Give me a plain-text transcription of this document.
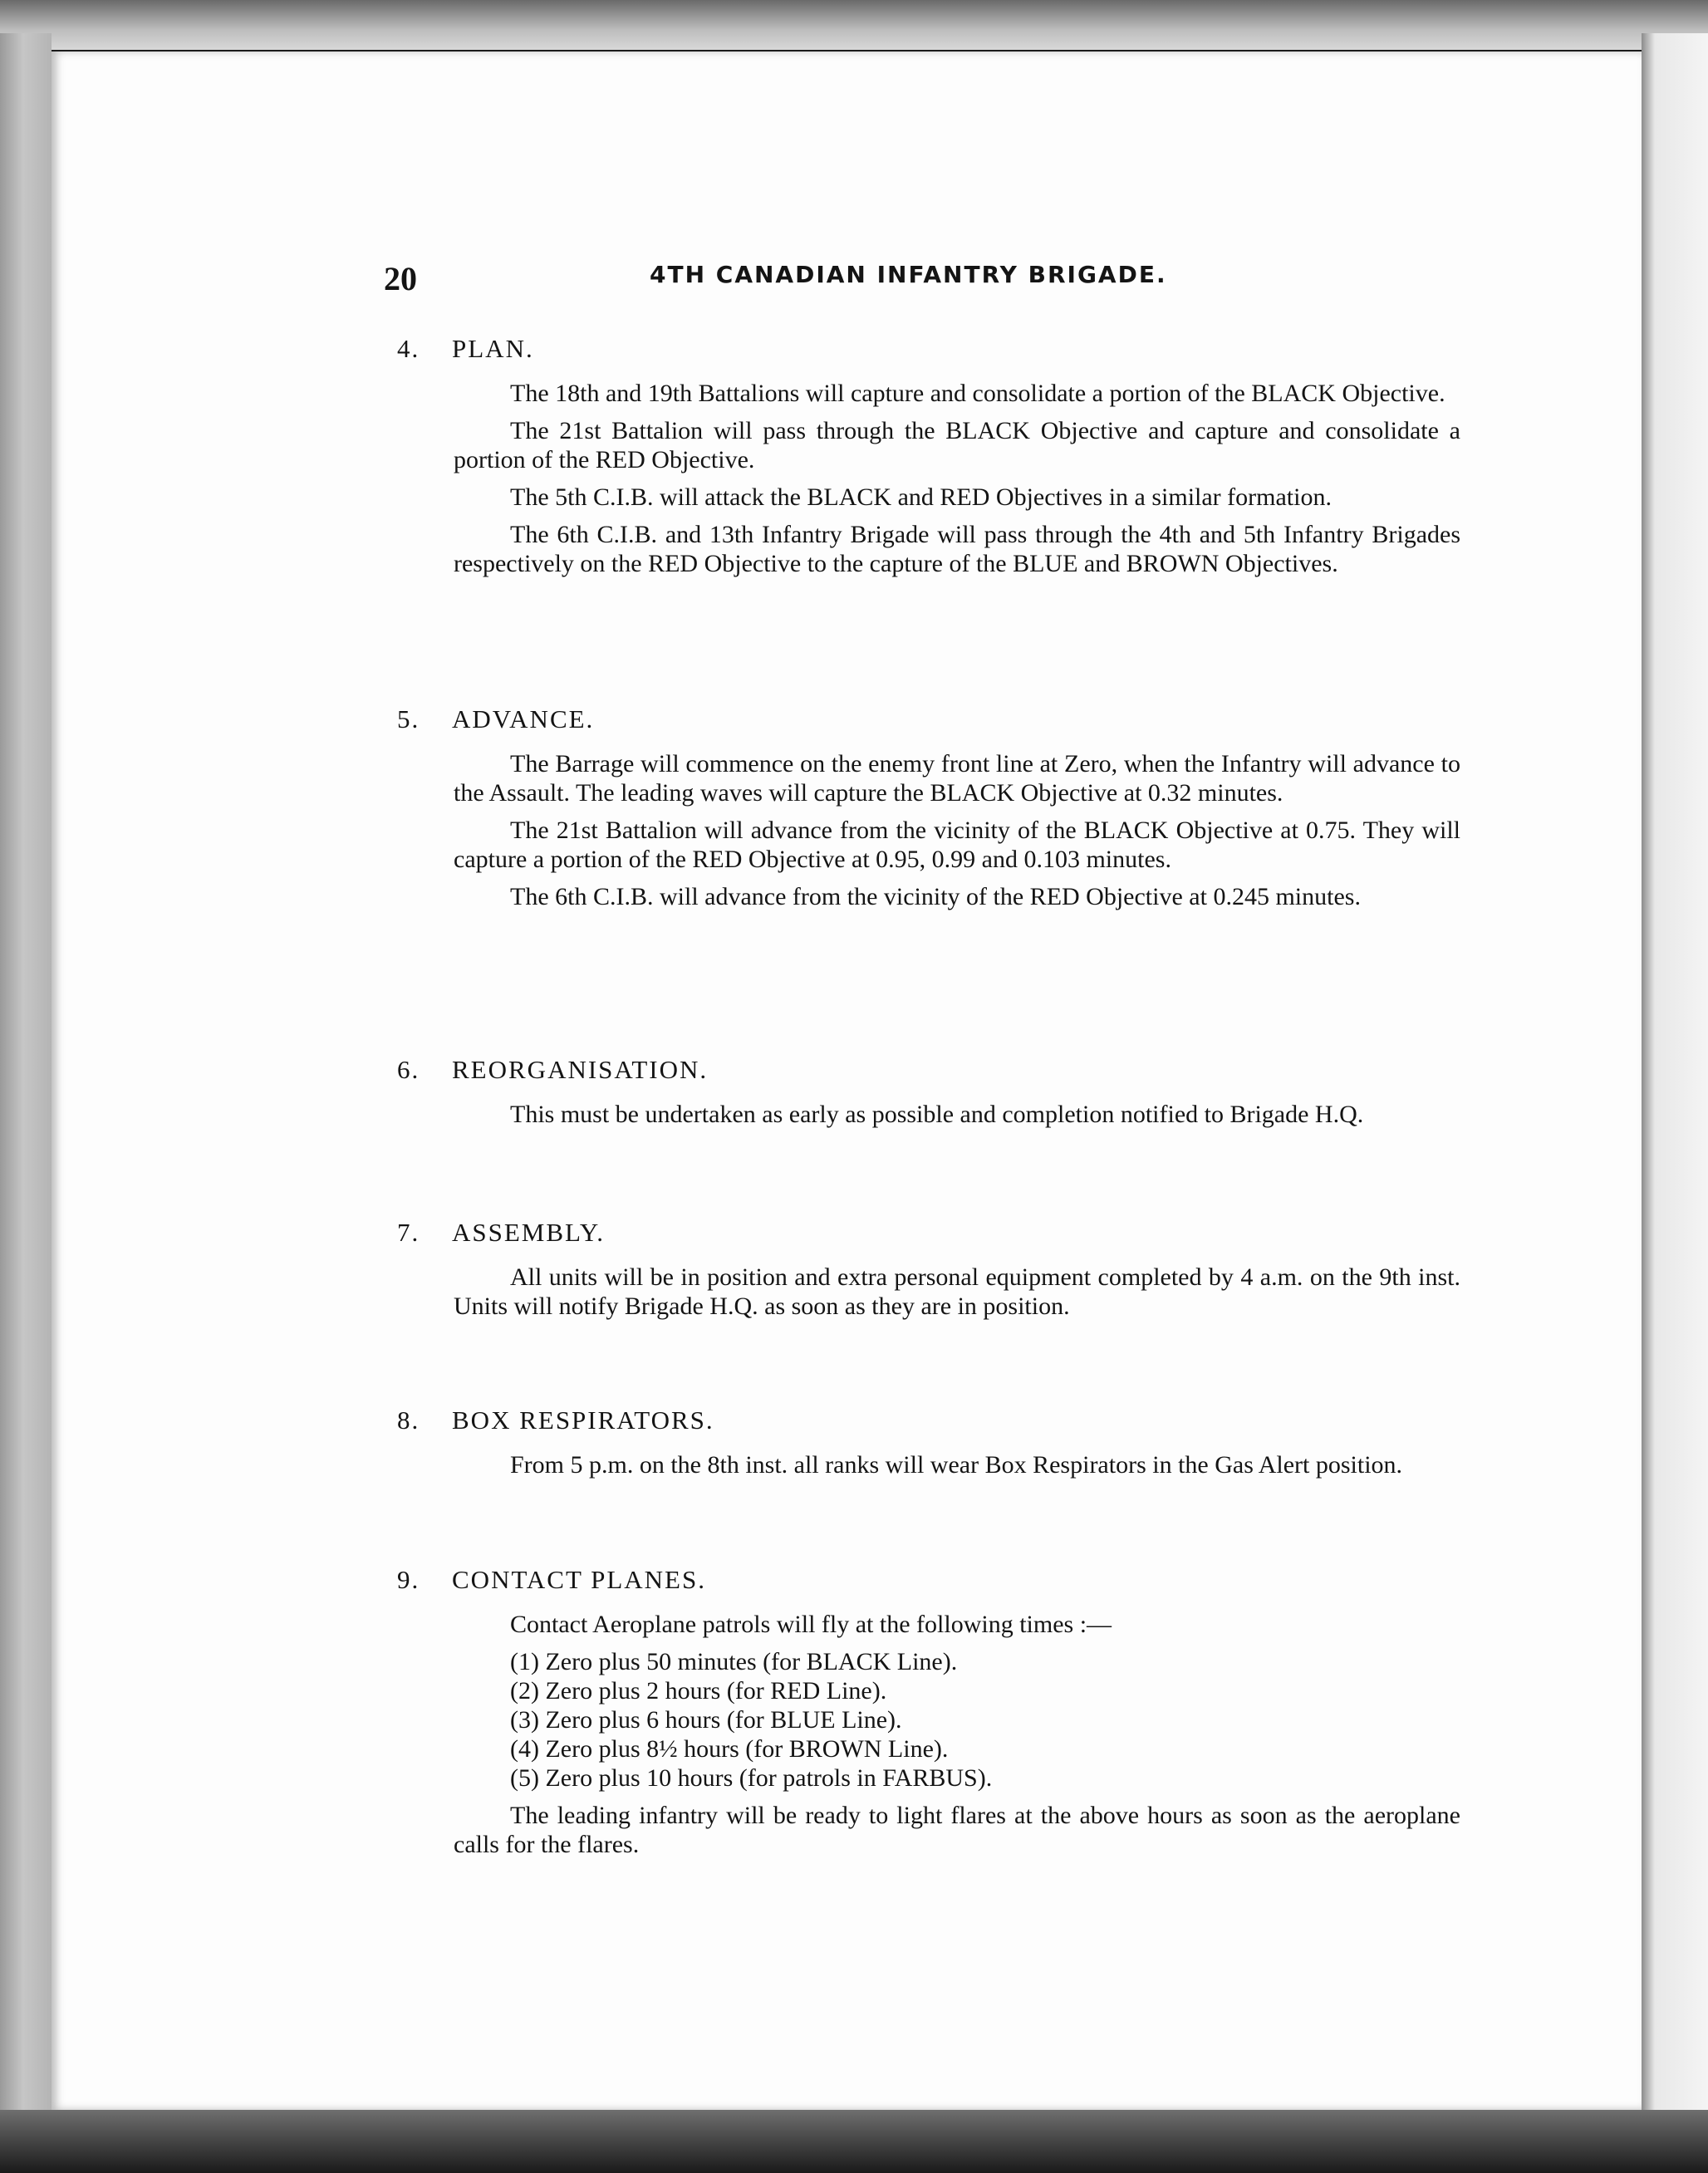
20	4TH CANADIAN INFANTRY BRIGADE.
4. PLAN.

The 18th and 19th Battalions will capture and consolidate a portion of the BLACK Objective.

The 21st Battalion will pass through the BLACK Objective and capture and consolidate a portion of the RED Objective.

The 5th C.I.B. will attack the BLACK and RED Objectives in a similar formation.

The 6th C.I.B. and 13th Infantry Brigade will pass through the 4th and 5th Infantry Brigades respectively on the RED Objective to the capture of the BLUE and BROWN Objectives.

5. ADVANCE.

The Barrage will commence on the enemy front line at Zero, when the Infantry will advance to the Assault. The leading waves will capture the BLACK Objective at 0.32 minutes.

The 21st Battalion will advance from the vicinity of the BLACK Objective at 0.75. They will capture a portion of the RED Objective at 0.95, 0.99 and 0.103 minutes.

The 6th C.I.B. will advance from the vicinity of the RED Objective at 0.245 minutes.

6. REORGANISATION.

This must be undertaken as early as possible and completion notified to Brigade H.Q.

7. ASSEMBLY.

All units will be in position and extra personal equipment completed by 4 a.m. on the 9th inst. Units will notify Brigade H.Q. as soon as they are in position.

8. BOX RESPIRATORS.

From 5 p.m. on the 8th inst. all ranks will wear Box Respirators in the Gas Alert position.

9. CONTACT PLANES.

Contact Aeroplane patrols will fly at the following times :—

(1) Zero plus 50 minutes (for BLACK Line).
(2) Zero plus 2 hours (for RED Line).
(3) Zero plus 6 hours (for BLUE Line).
(4) Zero plus 8½ hours (for BROWN Line).
(5) Zero plus 10 hours (for patrols in FARBUS).

The leading infantry will be ready to light flares at the above hours as soon as the aeroplane calls for the flares.
